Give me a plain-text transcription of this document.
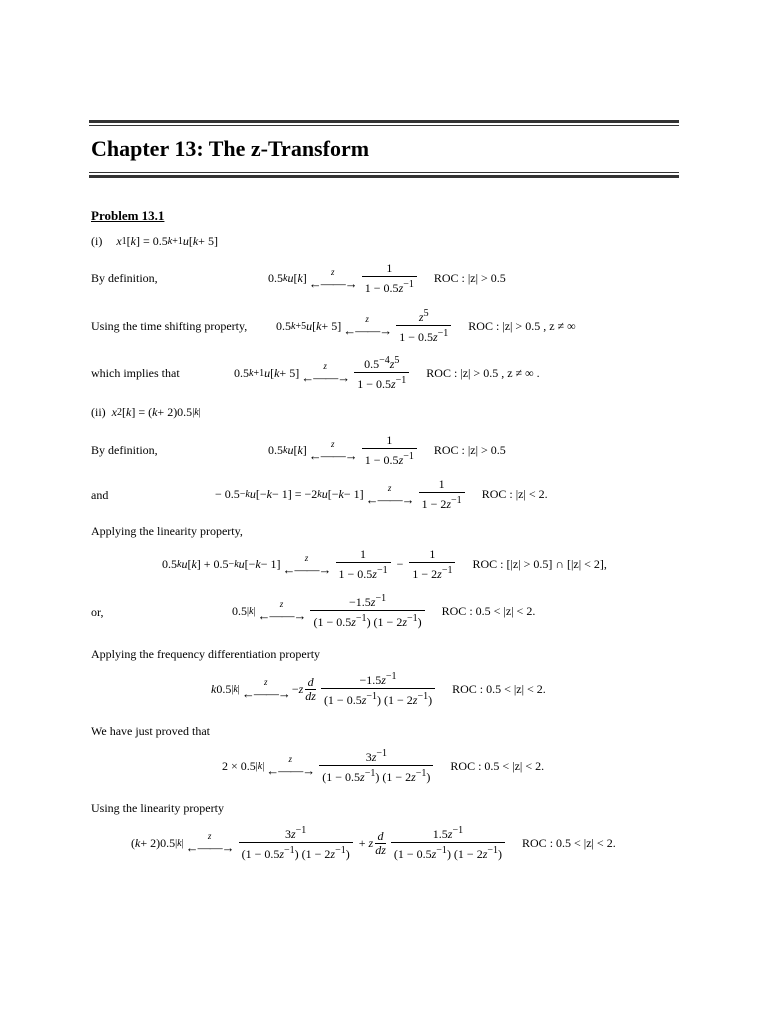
Chapter 13: The z-Transform
Problem 13.1
(i) x 1 [ k ] = 0.5 k+1 u [ k + 5]
By definition,	0.5 k u [ k ]	z
←——→ $\frac{1}{1 - 0.5z^{-1}}$ ROC : |z| > 0.5
Using the time shifting property, 0.5 k+5 u [ k + 5]	z
←——→ $\frac{z^5}{1 - 0.5z^{-1}}$ ROC : |z| > 0.5 , z ≠ ∞
which implies that	0.5 k+1 u [ k + 5]	z
←——→ $\frac{0.5^{-4}z^5}{1 - 0.5z^{-1}}$ ROC : |z| > 0.5 , z ≠ ∞ .
(ii) x 2 [ k ] = ( k + 2)0.5 |k|
By definition,	0.5 k u [ k ]	z
←——→ $\frac{1}{1 - 0.5z^{-1}}$ ROC : |z| > 0.5
and	− 0.5 −k u [− k − 1] = −2 k u [− k − 1]	z
←——→ $\frac{1}{1 - 2z^{-1}}$ ROC : |z| < 2.
Applying the linearity property,
0.5 k u [ k ] + 0.5 −k u [− k − 1]	z
←——→ $\frac{1}{1 - 0.5z^{-1}} - \frac{1}{1 - 2z^{-1}}$ ROC : [|z| > 0.5] ∩ [|z| < 2],
or,	0.5 |k|
z
←——→ $\frac{-1.5z^{-1}}{(1 - 0.5z^{-1}) (1 - 2z^{-1})}$ ROC : 0.5 < |z| < 2.
Applying the frequency differentiation property
k 0.5 |k|
z
←——→ − z
d
dz $\frac{-1.5z^{-1}}{(1 - 0.5z^{-1}) (1 - 2z^{-1})}$ ROC : 0.5 < |z| < 2.
We have just proved that
2 × 0.5 |k|
z
←——→ $\frac{3z^{-1}}{(1 - 0.5z^{-1}) (1 - 2z^{-1})}$ ROC : 0.5 < |z| < 2.
Using the linearity property
( k + 2)0.5 |k|
z
←——→ $\frac{3z^{-1}}{(1 - 0.5z^{-1}) (1 - 2z^{-1})} + z$
d
dz $\frac{1.5z^{-1}}{(1 - 0.5z^{-1}) (1 - 2z^{-1})}$ ROC : 0.5 < |z| < 2.
